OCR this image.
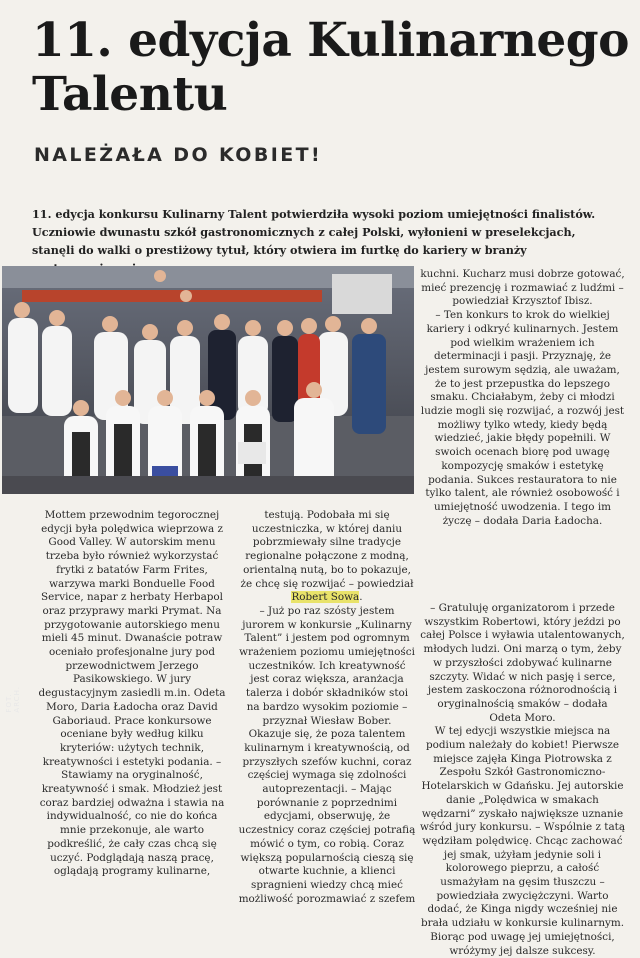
11. edycja Kulinarnego Talentu
NALEŻAŁA DO KOBIET!

11. edycja konkursu Kulinarny Talent potwierdziła wysoki poziom umiejętności finalistów. Uczniowie dwunastu szkół gastronomicznych z całej Polski, wyłonieni w preselekcjach, stanęli do walki o prestiżowy tytuł, który otwiera im furtkę do kariery w branży

FOT. ARCH.

kuchni. Kucharz musi dobrze gotować, mieć prezencję i rozmawiać z ludźmi – powiedział Krzysztof Ibisz.

– Ten konkurs to krok do wielkiej kariery i odkryć kulinarnych. Jestem pod wielkim wrażeniem ich determinacji i pasji. Przyznaję, że jestem surowym sędzią, ale uważam, że to jest przepustka do lepszego smaku. Chciałabym, żeby ci młodzi ludzie mogli się rozwijać, a rozwój jest możliwy tylko wtedy, kiedy będą wiedzieć, jakie błędy popełnili. W swoich ocenach biorę pod uwagę kompozycję smaków i estetykę podania. Sukces restauratora to nie tylko talent, ale również osobowość i umiejętność uwodzenia. I tego im życzę – dodała Daria Ładocha.

Mottem przewodnim tegorocznej edycji była polędwica wieprzowa z Good Valley. W autorskim menu trzeba było również wykorzystać frytki z batatów Farm Frites, warzywa marki Bonduelle Food Service, napar z herbaty Herbapol oraz przyprawy marki Prymat. Na przygotowanie autorskiego menu mieli 45 minut. Dwanaście potraw oceniało profesjonalne jury pod przewodnictwem Jerzego Pasikowskiego. W jury degustacyjnym zasiedli m.in. Odeta Moro, Daria Ładocha oraz David Gaboriaud. Prace konkursowe oceniane były według kilku kryteriów: użytych technik, kreatywności i estetyki podania. – Stawiamy na oryginalność, kreatywność i smak. Młodzież jest coraz bardziej odważna i stawia na indywidualność, co nie do końca mnie przekonuje, ale warto podkreślić, że cały czas chcą się uczyć. Podglądają naszą pracę, oglądają programy kulinarne,

testują. Podobała mi się uczestniczka, w której daniu pobrzmiewały silne tradycje regionalne połączone z modną, orientalną nutą, bo to pokazuje, że chcę się rozwijać – powiedział Robert Sowa.

– Już po raz szósty jestem jurorem w konkursie „Kulinarny Talent” i jestem pod ogromnym wrażeniem poziomu umiejętności uczestników. Ich kreatywność jest coraz większa, aranżacja talerza i dobór składników stoi na bardzo wysokim poziomie – przyznał Wiesław Bober.

Okazuje się, że poza talentem kulinarnym i kreatywnością, od przyszłych szefów kuchni, coraz częściej wymaga się zdolności autoprezentacji. – Mając porównanie z poprzednimi edycjami, obserwuję, że uczestnicy coraz częściej potrafią mówić o tym, co robią. Coraz większą popularnością cieszą się otwarte kuchnie, a klienci spragnieni wiedzy chcą mieć możliwość porozmawiać z szefem

– Gratuluję organizatorom i przede wszystkim Robertowi, który jeździ po całej Polsce i wyławia utalentowanych, młodych ludzi. Oni marzą o tym, żeby w przyszłości zdobywać kulinarne szczyty. Widać w nich pasję i serce, jestem zaskoczona różnorodnością i oryginalnością smaków – dodała Odeta Moro.

W tej edycji wszystkie miejsca na podium należały do kobiet! Pierwsze miejsce zajęła Kinga Piotrowska z Zespołu Szkół Gastronomiczno-Hotelarskich w Gdańsku. Jej autorskie danie „Polędwica w smakach wędzarni” zyskało największe uznanie wśród jury konkursu. – Wspólnie z tatą wędziłam polędwicę. Chcąc zachować jej smak, użyłam jedynie soli i kolorowego pieprzu, a całość usmażyłam na gęsim tłuszczu – powiedziała zwyciężczyni. Warto dodać, że Kinga nigdy wcześniej nie brała udziału w konkursie kulinarnym. Biorąc pod uwagę jej umiejętności, wróżymy jej dalsze sukcesy.
